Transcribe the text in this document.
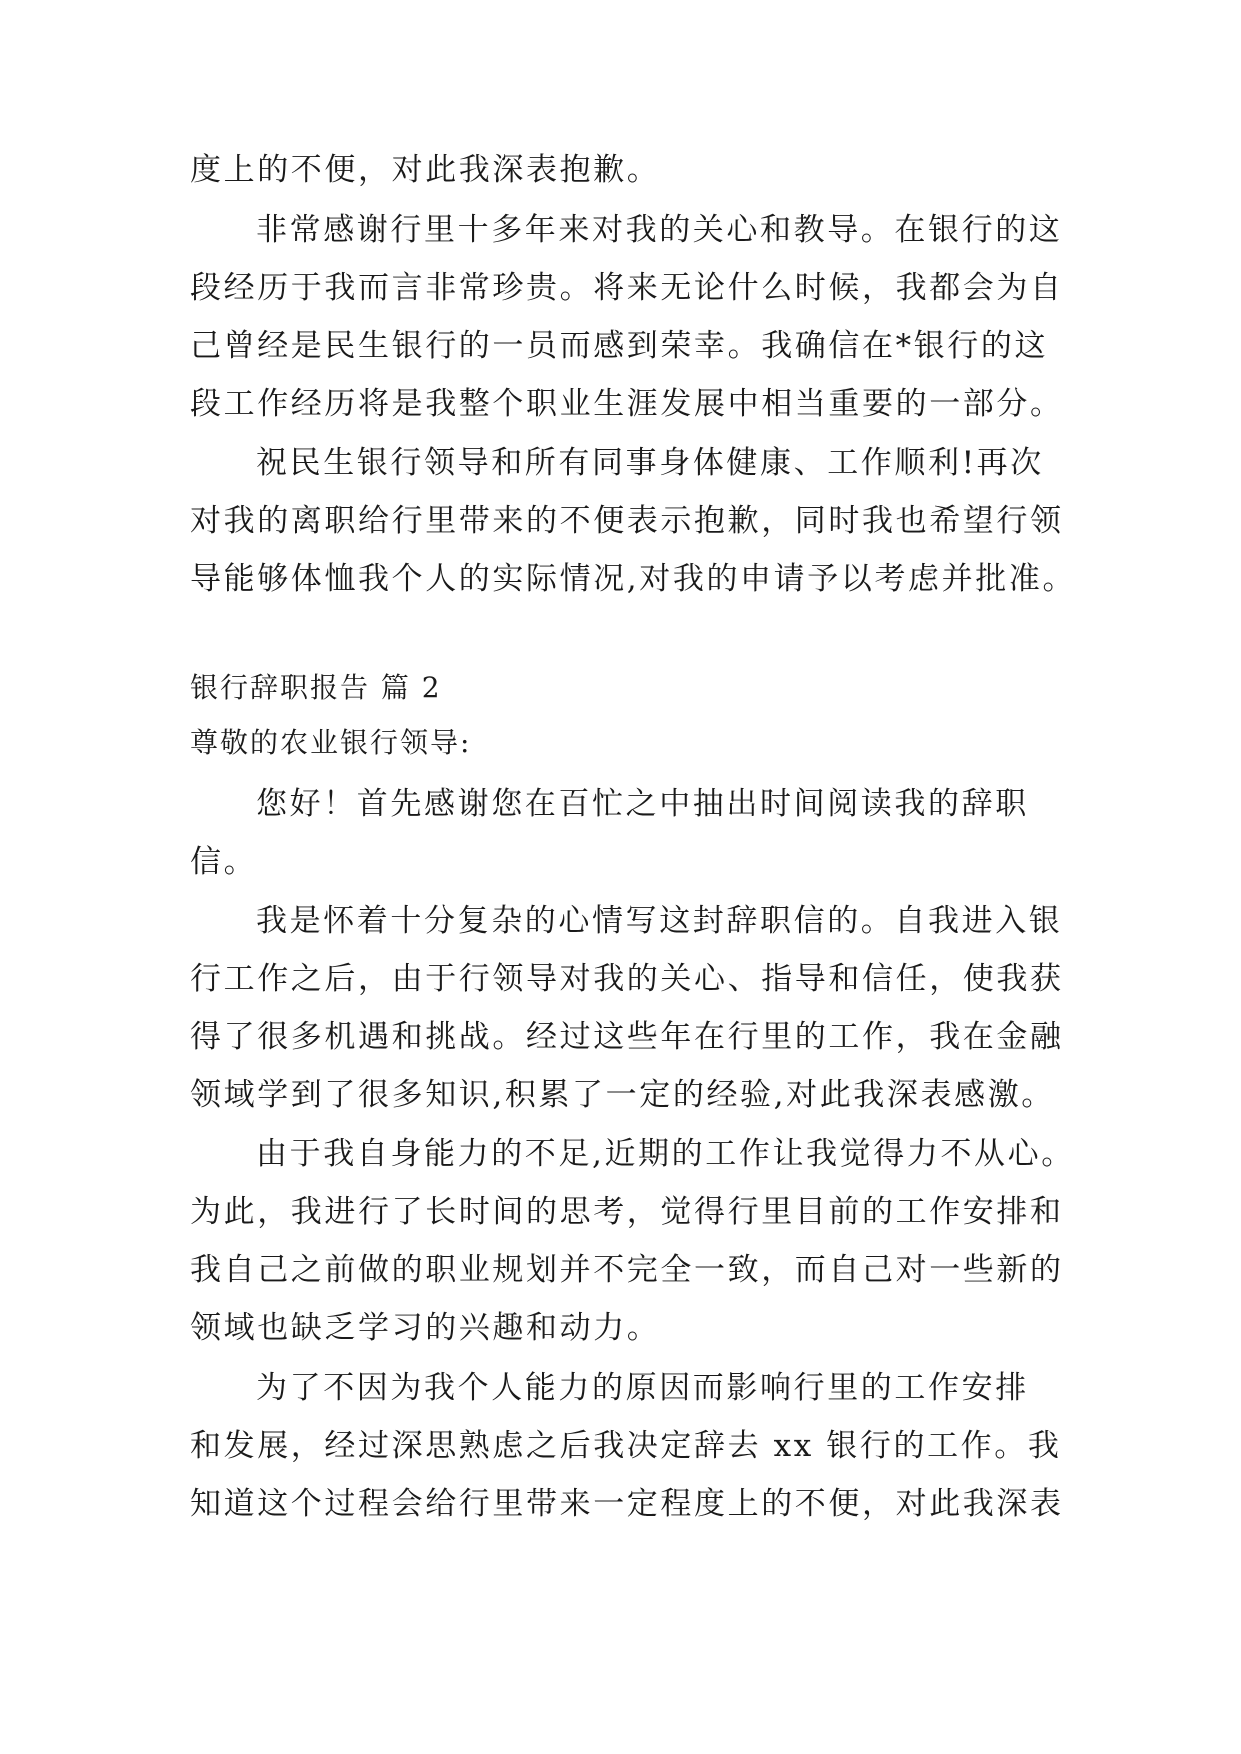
度上的不便，对此我深表抱歉。
非常感谢行里十多年来对我的关心和教导。在银行的这
段经历于我而言非常珍贵。将来无论什么时候，我都会为自
己曾经是民生银行的一员而感到荣幸。我确信在*银行的这
段工作经历将是我整个职业生涯发展中相当重要的一部分。
祝民生银行领导和所有同事身体健康、工作顺利!再次
对我的离职给行里带来的不便表示抱歉，同时我也希望行领
导能够体恤我个人的实际情况,对我的申请予以考虑并批准。
银行辞职报告 篇 2
尊敬的农业银行领导:
您好！首先感谢您在百忙之中抽出时间阅读我的辞职
信。
我是怀着十分复杂的心情写这封辞职信的。自我进入银
行工作之后，由于行领导对我的关心、指导和信任，使我获
得了很多机遇和挑战。经过这些年在行里的工作，我在金融
领域学到了很多知识,积累了一定的经验,对此我深表感激。
由于我自身能力的不足,近期的工作让我觉得力不从心。
为此，我进行了长时间的思考，觉得行里目前的工作安排和
我自己之前做的职业规划并不完全一致，而自己对一些新的
领域也缺乏学习的兴趣和动力。
为了不因为我个人能力的原因而影响行里的工作安排
和发展，经过深思熟虑之后我决定辞去 xx 银行的工作。我
知道这个过程会给行里带来一定程度上的不便，对此我深表
